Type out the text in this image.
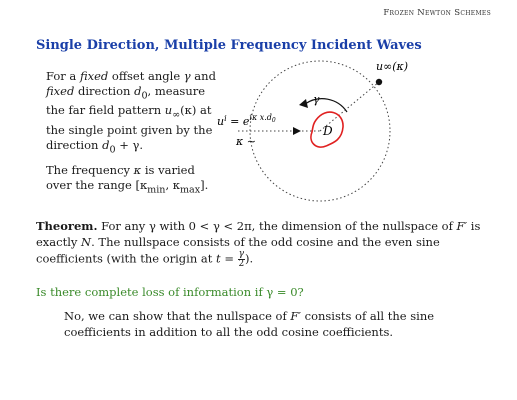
Frozen Newton Schemes
Single Direction, Multiple Frequency Incident Waves

For a fixed offset angle γ and
fixed direction $d_0$, measure the far field pattern $u_\infty(\kappa)$ at the single point given by the direction $d_0 + \gamma$.

The frequency κ is varied over the range [$\kappa_{min}$, $\kappa_{max}$].

D
u∞(κ)
γ
$u^i = e^{i\kappa x.d}0$
κ ∼
Theorem. For any γ with 0 < γ < 2π, the dimension of the nullspace of F′ is exactly N. The nullspace consists of the odd cosine and the even sine coefficients (with the origin at $t = \frac{\gamma}{2}$ ).
Is there complete loss of information if γ = 0?
No, we can show that the nullspace of F′ consists of all the sine coefficients in addition to all the odd cosine coefficients.
